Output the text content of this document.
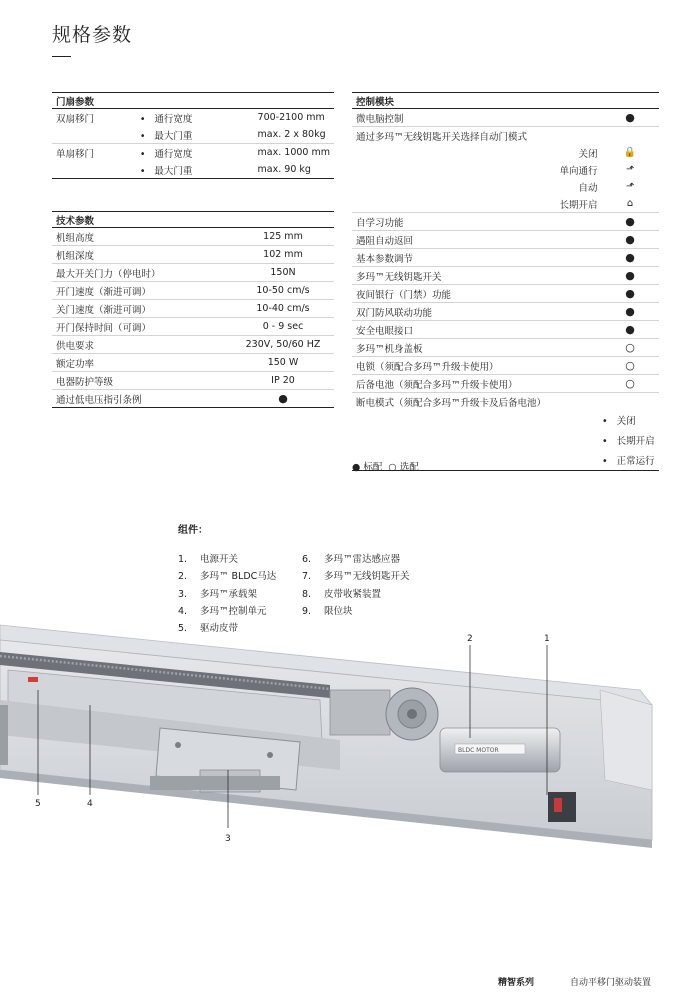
规格参数
门扇参数		
双扇移门	• 通行宽度	700-2100 mm
	• 最大门重	max. 2 x 80kg
单扇移门	• 通行宽度	max. 1000 mm
	• 最大门重	max. 90 kg
技术参数	
机组高度	125 mm
机组深度	102 mm
最大开关门力（停电时）	150N
开门速度（渐进可调）	10-50 cm/s
关门速度（渐进可调）	10-40 cm/s
开门保持时间（可调）	0 - 9 sec
供电要求	230V, 50/60 HZ
额定功率	150 W
电器防护等级	IP 20
通过低电压指引条例	●
控制模块	
微电脑控制	●
通过多玛™无线钥匙开关选择自动门模式	
关闭	🔒
单向通行	⬏
自动	⬏
长期开启	⌂
自学习功能	●
遇阻自动返回	●
基本参数调节	●
多玛™无线钥匙开关	●
夜间银行（门禁）功能	●
双门防风联动功能	●
安全电眼接口	●
多玛™机身盖板	○
电锁（须配合多玛™升级卡使用）	○
后备电池（须配合多玛™升级卡使用）	○
断电模式（须配合多玛™升级卡及后备电池）	
• 关闭
• 长期开启
• 正常运行
● 标配 ○ 选配
组件：
1. 电源开关
2. 多玛™ BLDC马达
3. 多玛™承载架
4. 多玛™控制单元
5. 驱动皮带
6. 多玛™雷达感应器
7. 多玛™无线钥匙开关
8. 皮带收紧装置
9. 限位块
BLDC MOTOR
1
2
3
4
5
精智系列	自动平移门驱动装置
